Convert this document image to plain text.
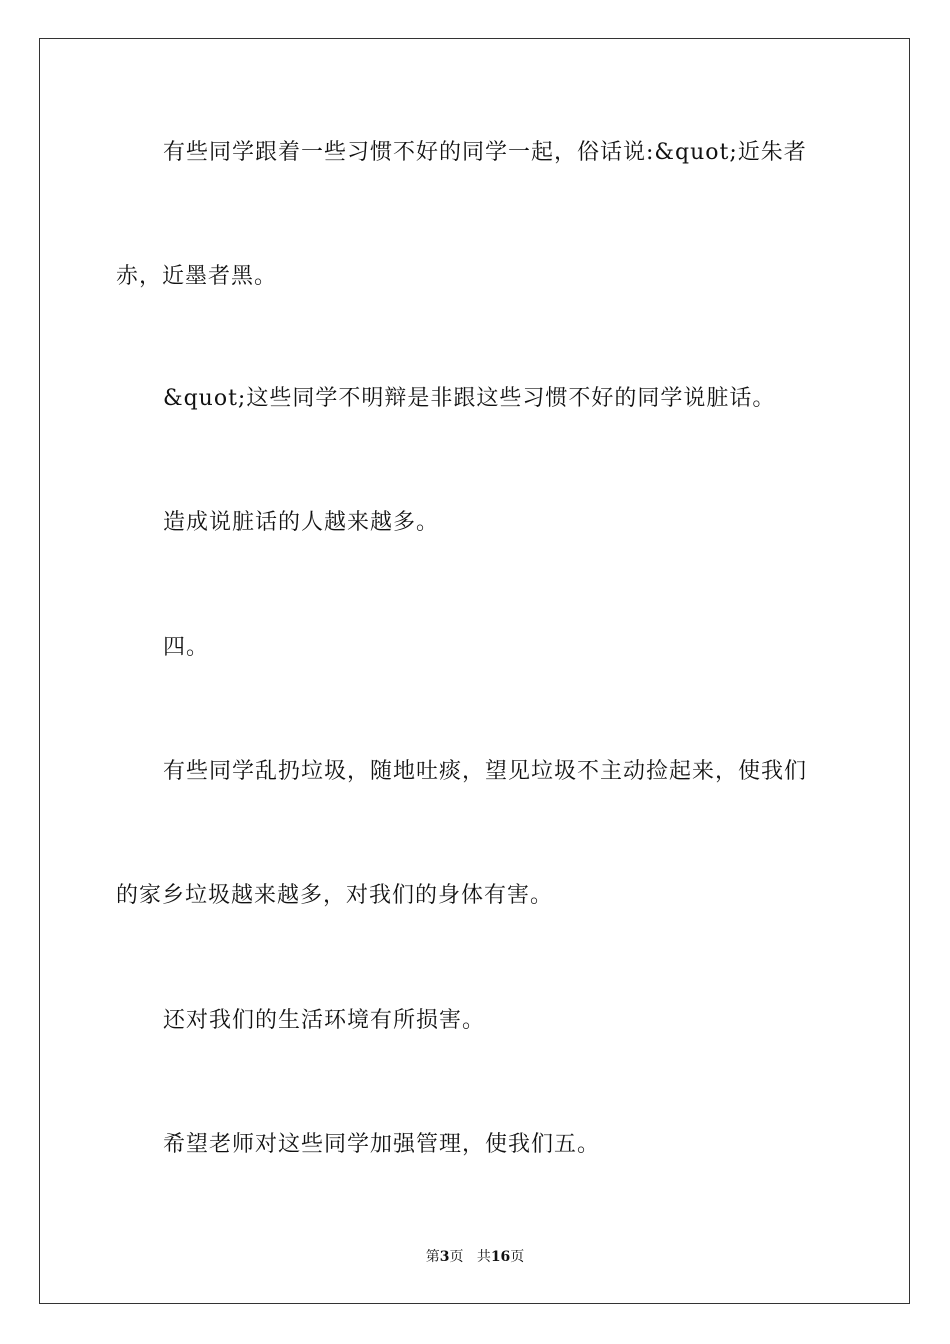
有些同学跟着一些习惯不好的同学一起，俗话说:&quot;近朱者
赤，近墨者黑。
&quot;这些同学不明辩是非跟这些习惯不好的同学说脏话。
造成说脏话的人越来越多。
四。
有些同学乱扔垃圾，随地吐痰，望见垃圾不主动捡起来，使我们
的家乡垃圾越来越多，对我们的身体有害。
还对我们的生活环境有所损害。
希望老师对这些同学加强管理，使我们五。
第3页 共16页
